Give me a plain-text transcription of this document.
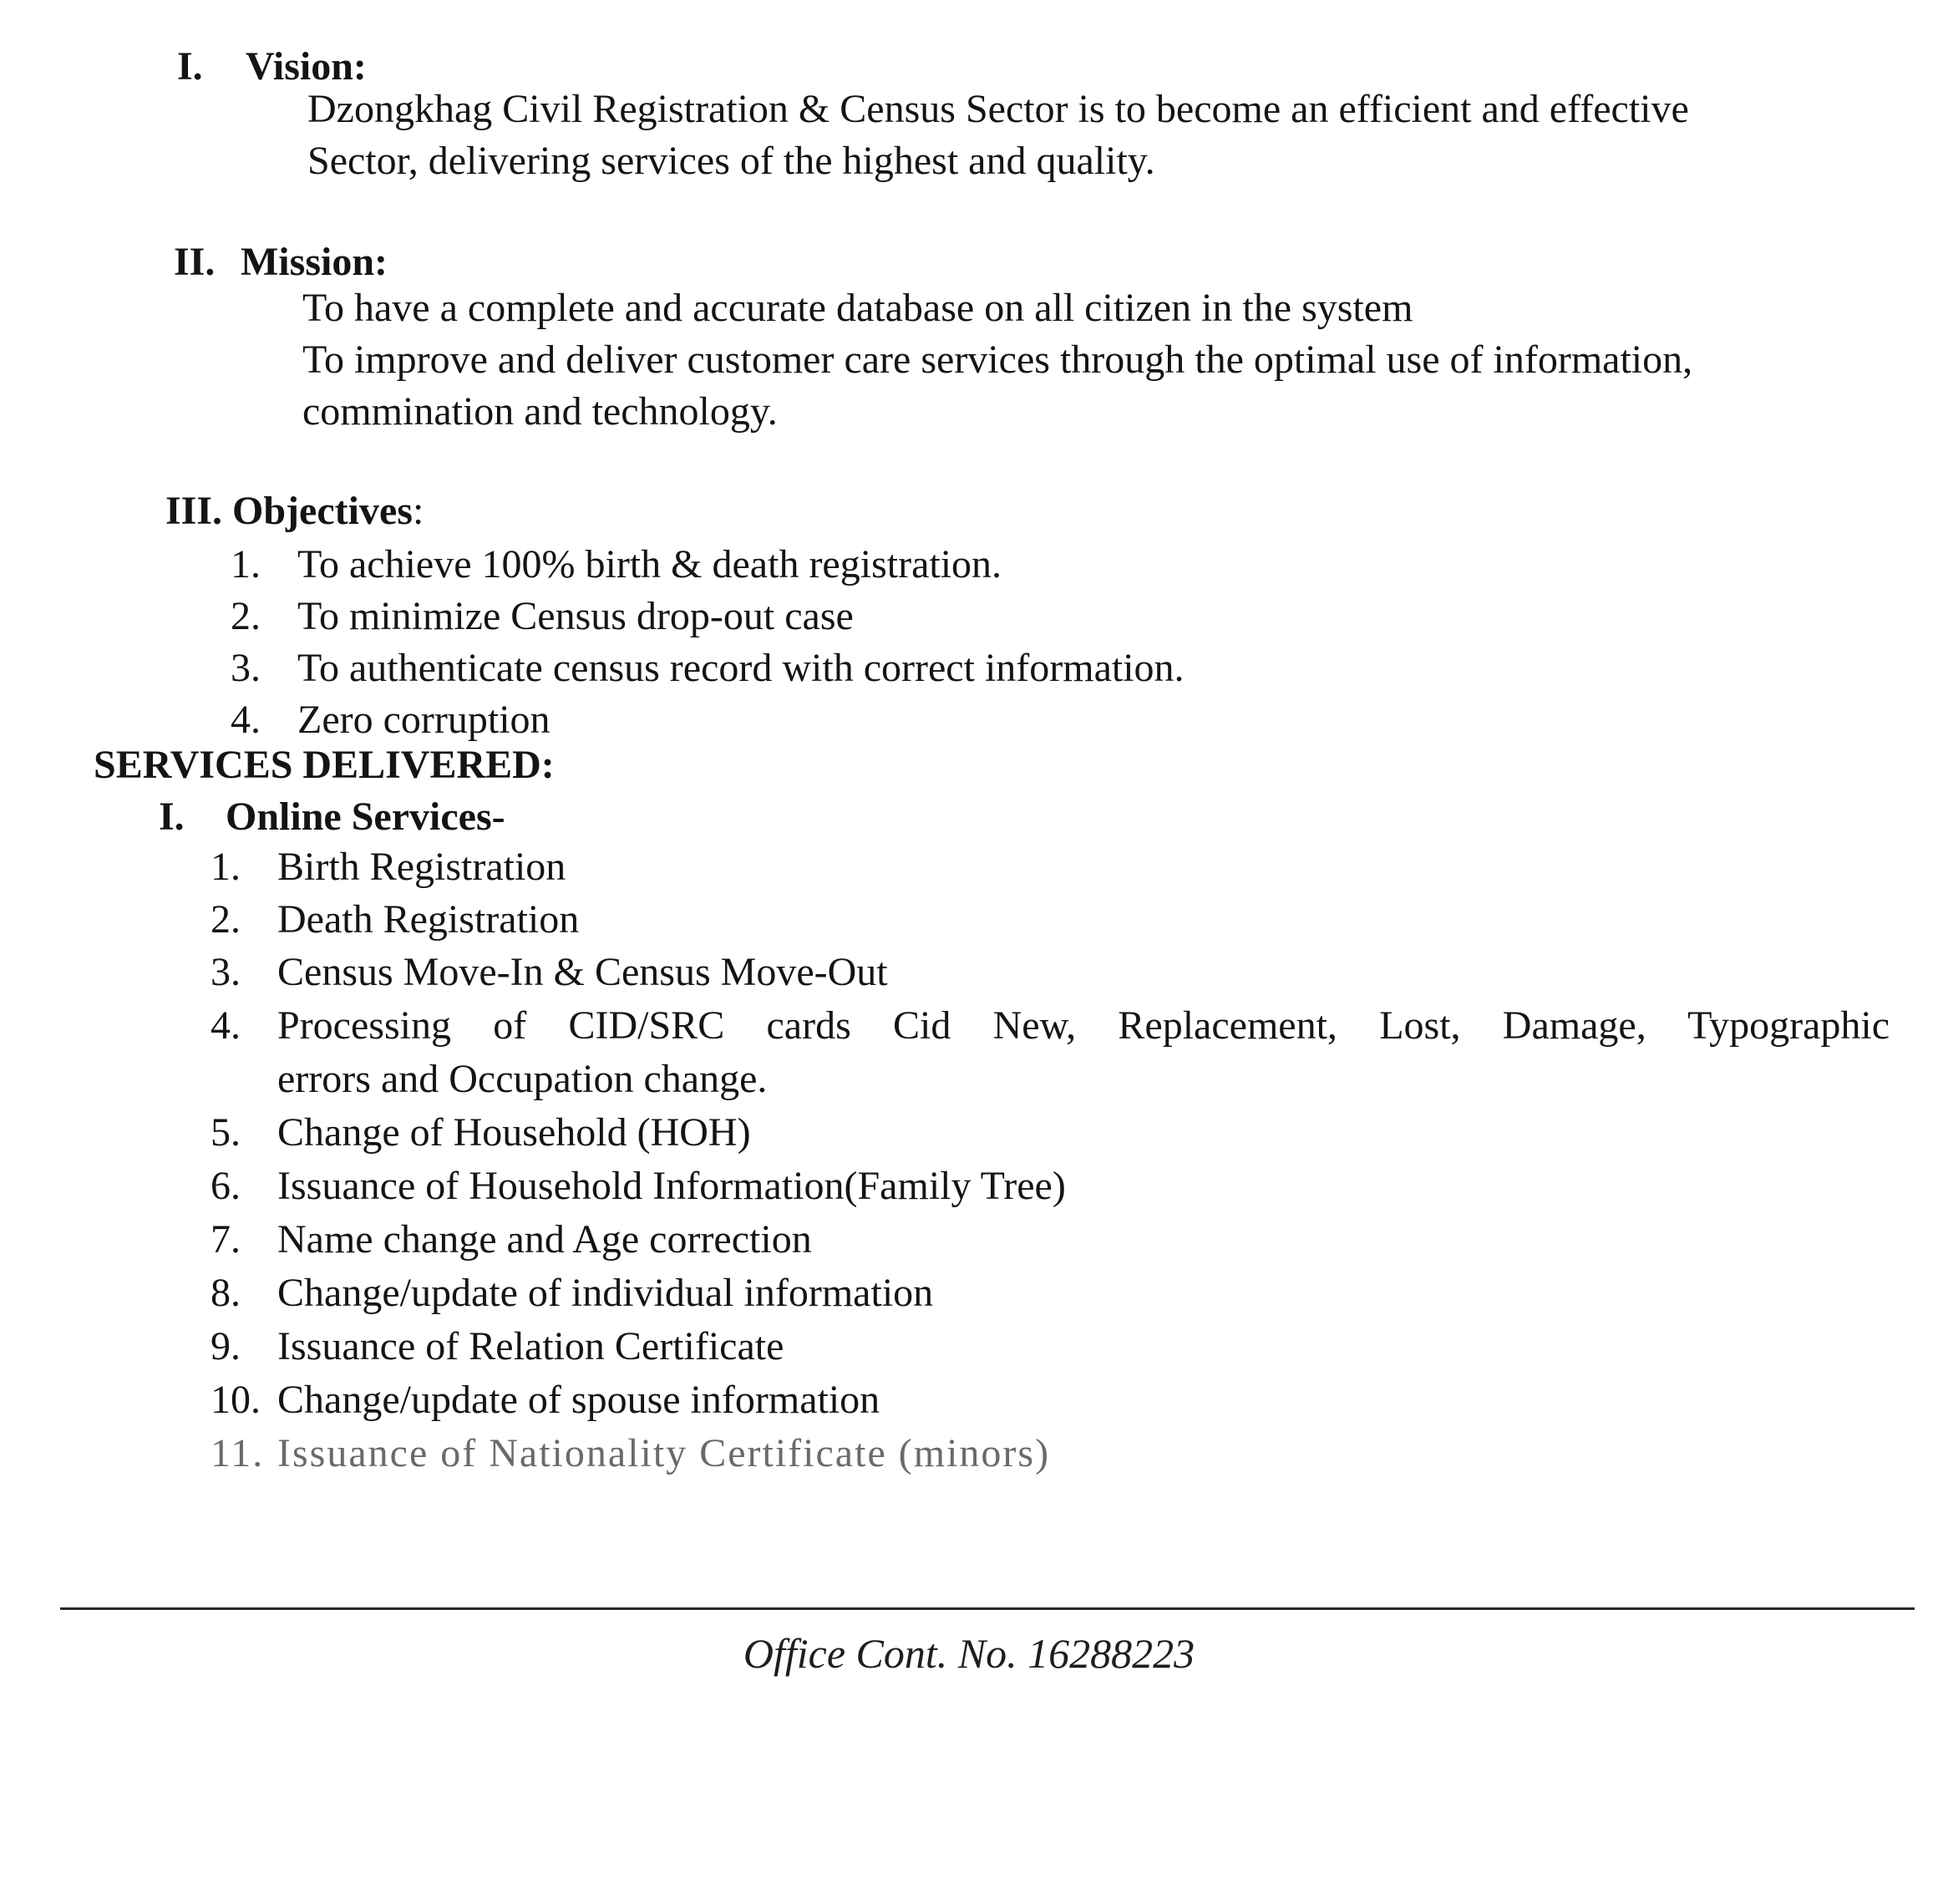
I. Vision:
Dzongkhag Civil Registration & Census Sector is to become an efficient and effective
Sector, delivering services of the highest and quality.
II. Mission:
To have a complete and accurate database on all citizen in the system
To improve and deliver customer care services through the optimal use of information,
commination and technology.
III. Objectives:
1. To achieve 100% birth & death registration.
2. To minimize Census drop-out case
3. To authenticate census record with correct information.
4. Zero corruption
SERVICES DELIVERED:
I. Online Services-
1. Birth Registration
2. Death Registration
3. Census Move-In & Census Move-Out
4. Processing of CID/SRC cards Cid New, Replacement, Lost, Damage, Typographic
errors and Occupation change.
5. Change of Household (HOH)
6. Issuance of Household Information(Family Tree)
7. Name change and Age correction
8. Change/update of individual information
9. Issuance of Relation Certificate
10. Change/update of spouse information
11. Issuance of Nationality Certificate (minors)
Office Cont. No. 16288223
